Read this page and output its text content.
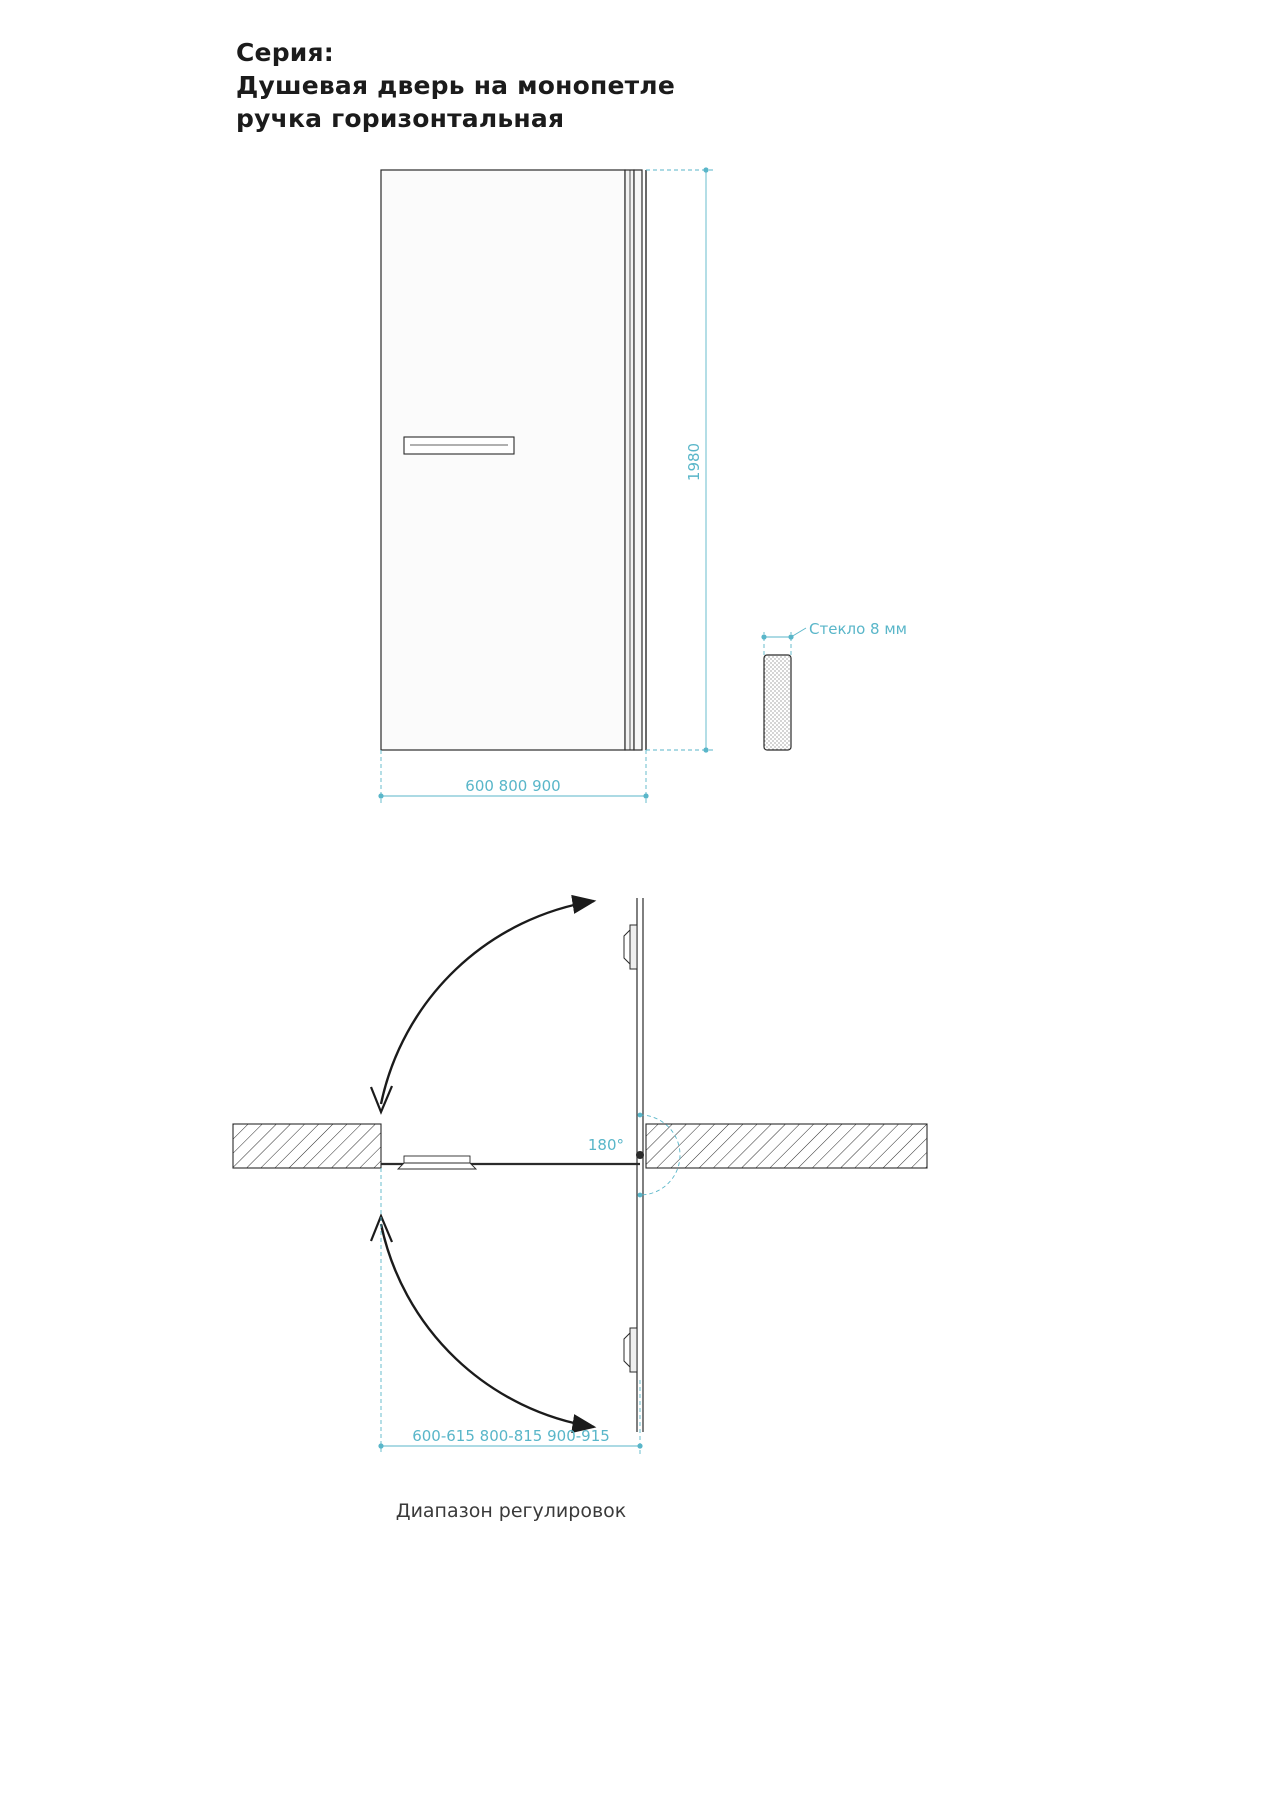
Серия:
Душевая дверь на монопетле
ручка горизонтальная
1980
600 800 900
Стекло 8 мм
180°
600-615 800-815 900-915
Диапазон регулировок
